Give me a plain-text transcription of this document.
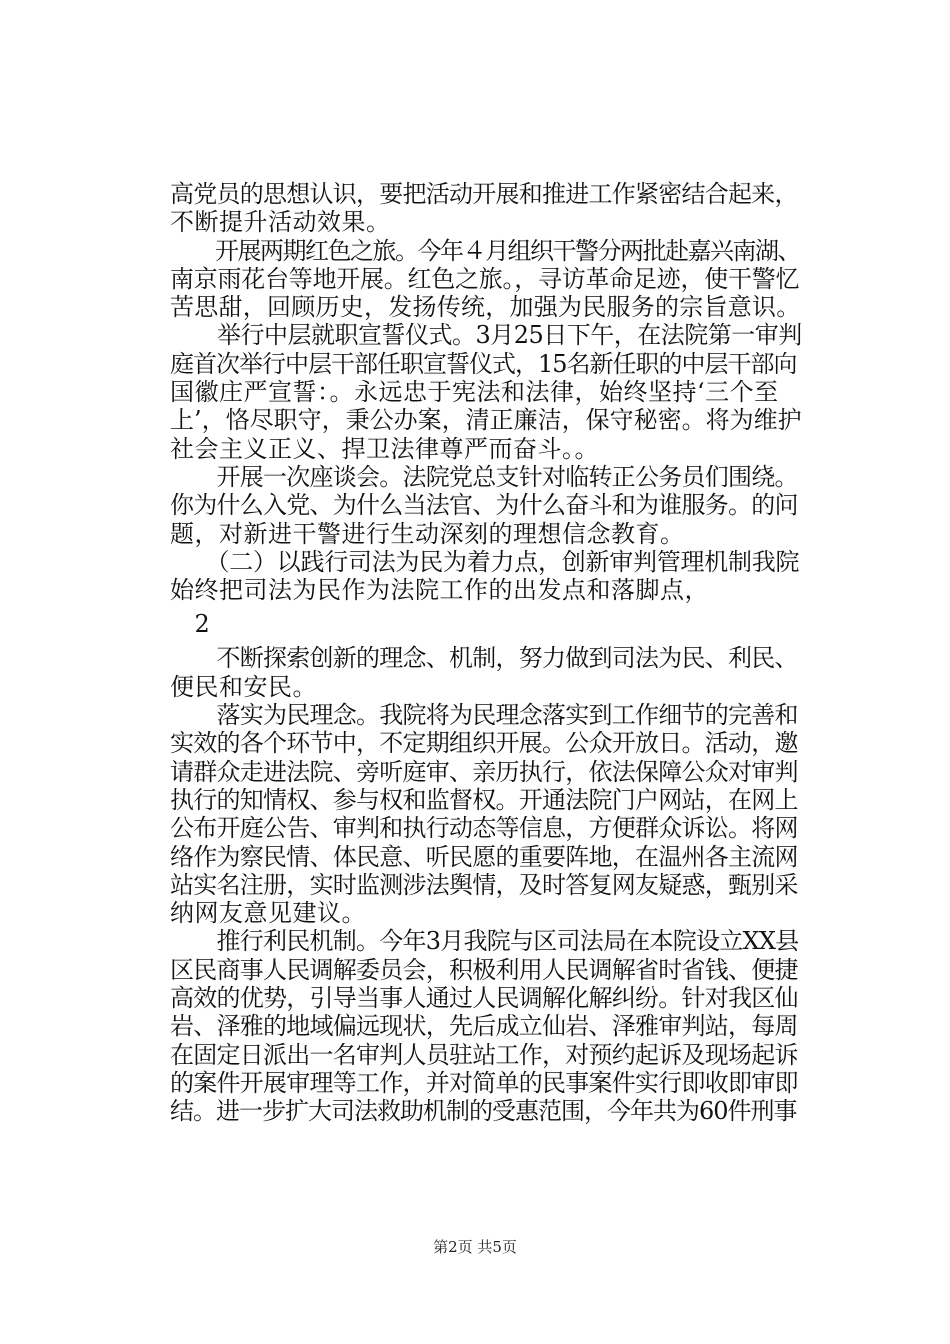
高党员的思想认识，要把活动开展和推进工作紧密结合起来，
不断提升活动效果。
　　开展两期红色之旅。今年４月组织干警分两批赴嘉兴南湖、
南京雨花台等地开展。红色之旅。，寻访革命足迹，使干警忆
苦思甜，回顾历史，发扬传统，加强为民服务的宗旨意识。
　　举行中层就职宣誓仪式。3月25日下午，在法院第一审判
庭首次举行中层干部任职宣誓仪式，15名新任职的中层干部向
国徽庄严宣誓：。永远忠于宪法和法律，始终坚持‘三个至
上’，恪尽职守，秉公办案，清正廉洁，保守秘密。将为维护
社会主义正义、捍卫法律尊严而奋斗。。
　　开展一次座谈会。法院党总支针对临转正公务员们围绕。
你为什么入党、为什么当法官、为什么奋斗和为谁服务。的问
题，对新进干警进行生动深刻的理想信念教育。
　　（二）以践行司法为民为着力点，创新审判管理机制我院
始终把司法为民作为法院工作的出发点和落脚点，
　2
　　不断探索创新的理念、机制，努力做到司法为民、利民、
便民和安民。
　　落实为民理念。我院将为民理念落实到工作细节的完善和
实效的各个环节中，不定期组织开展。公众开放日。活动，邀
请群众走进法院、旁听庭审、亲历执行，依法保障公众对审判
执行的知情权、参与权和监督权。开通法院门户网站，在网上
公布开庭公告、审判和执行动态等信息，方便群众诉讼。将网
络作为察民情、体民意、听民愿的重要阵地，在温州各主流网
站实名注册，实时监测涉法舆情，及时答复网友疑惑，甄别采
纳网友意见建议。
　　推行利民机制。今年3月我院与区司法局在本院设立XX县
区民商事人民调解委员会，积极利用人民调解省时省钱、便捷
高效的优势，引导当事人通过人民调解化解纠纷。针对我区仙
岩、泽雅的地域偏远现状，先后成立仙岩、泽雅审判站，每周
在固定日派出一名审判人员驻站工作，对预约起诉及现场起诉
的案件开展审理等工作，并对简单的民事案件实行即收即审即
结。进一步扩大司法救助机制的受惠范围，今年共为60件刑事
第2页 共5页
